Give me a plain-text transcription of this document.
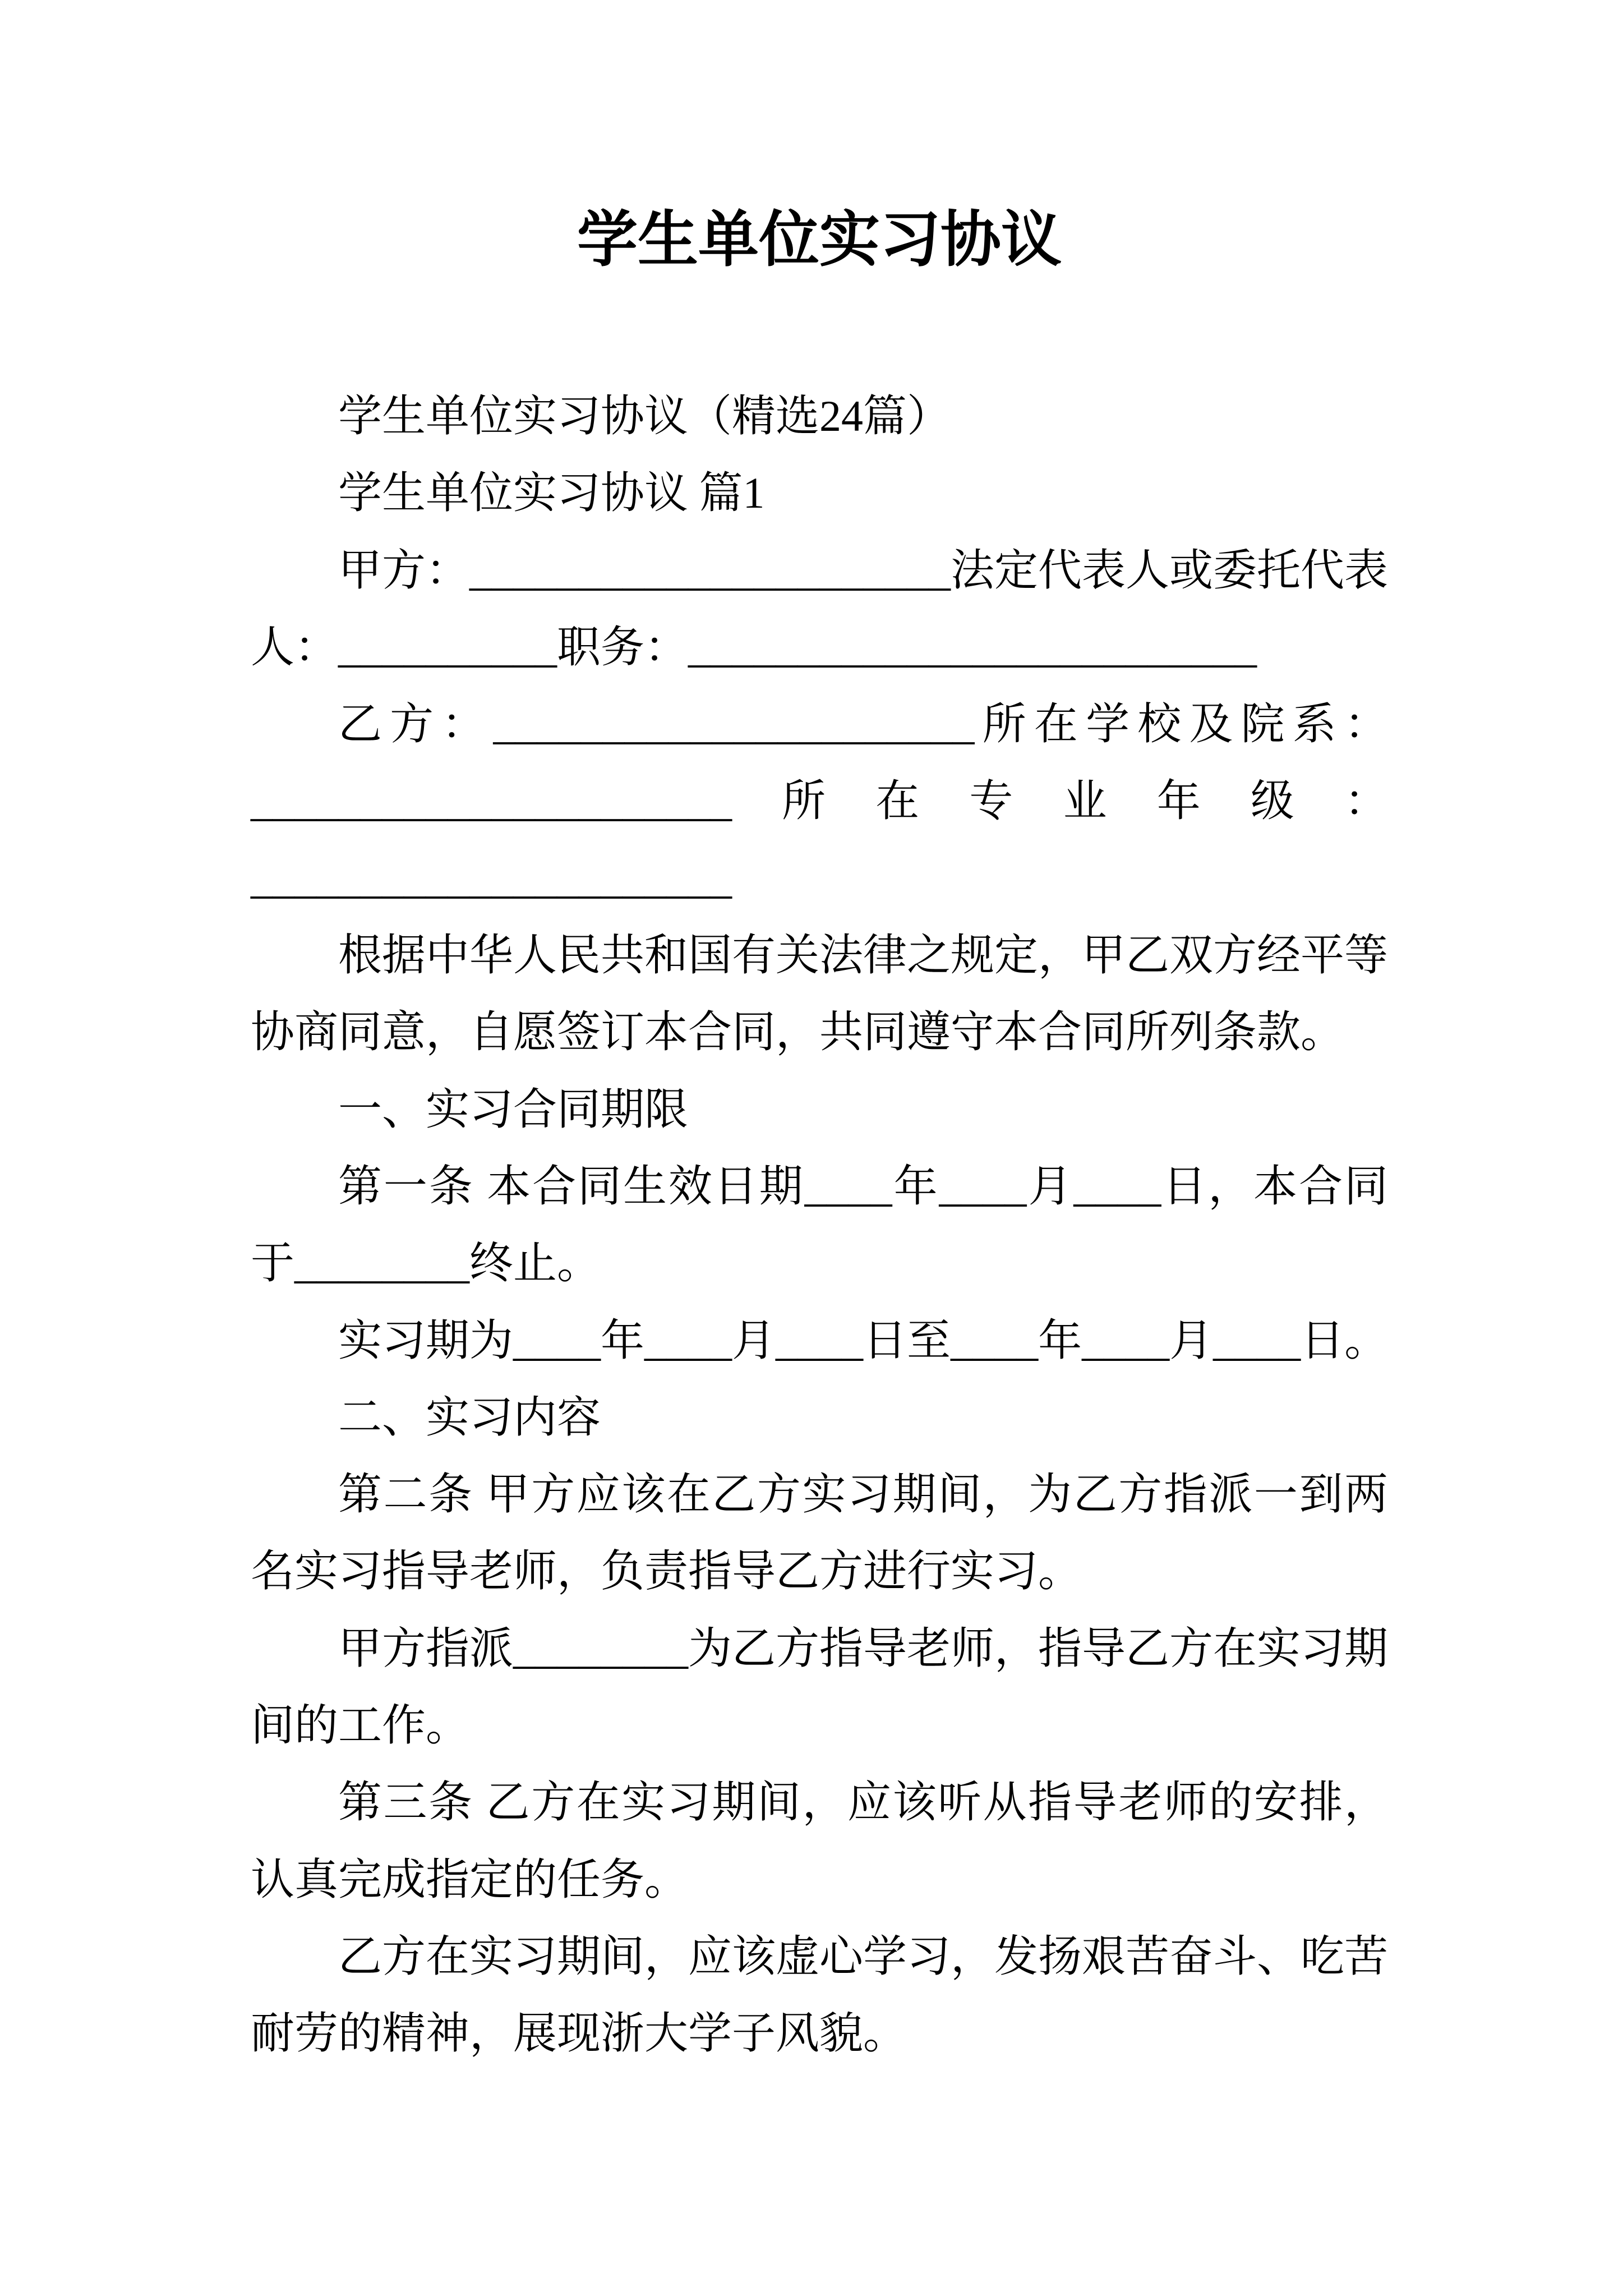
学生单位实习协议
学生单位实习协议（精选24篇）
学生单位实习协议 篇1
甲方：______________________法定代表人或委托代表
人：__________职务：__________________________
乙方：______________________所在学校及院系：
______________________所在专业年级：
______________________
根据中华人民共和国有关法律之规定，甲乙双方经平等
协商同意，自愿签订本合同，共同遵守本合同所列条款。
一、实习合同期限
第一条 本合同生效日期____年____月____日，本合同
于________终止。
实习期为____年____月____日至____年____月____日。
二、实习内容
第二条 甲方应该在乙方实习期间，为乙方指派一到两
名实习指导老师，负责指导乙方进行实习。
甲方指派________为乙方指导老师，指导乙方在实习期
间的工作。
第三条 乙方在实习期间，应该听从指导老师的安排，
认真完成指定的任务。
乙方在实习期间，应该虚心学习，发扬艰苦奋斗、吃苦
耐劳的精神，展现浙大学子风貌。
